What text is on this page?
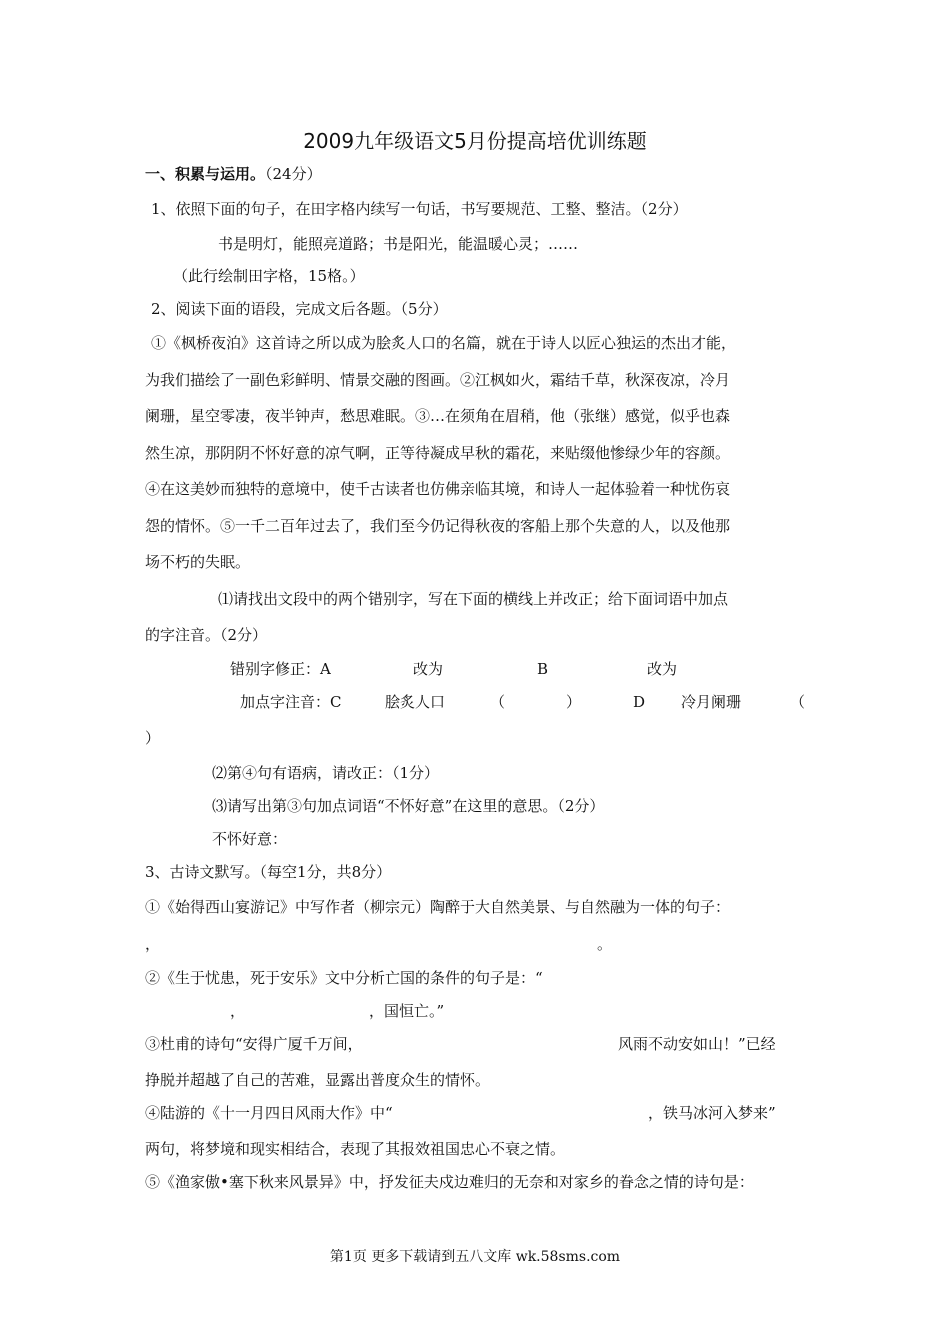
2009九年级语文5月份提高培优训练题
一、积累与运用。（24分）
1、依照下面的句子，在田字格内续写一句话，书写要规范、工整、整洁。（2分）
书是明灯，能照亮道路；书是阳光，能温暖心灵；……
（此行绘制田字格，15格。）
2、阅读下面的语段，完成文后各题。（5分）
①《枫桥夜泊》这首诗之所以成为脍炙人口的名篇，就在于诗人以匠心独运的杰出才能，
为我们描绘了一副色彩鲜明、情景交融的图画。②江枫如火，霜结千草，秋深夜凉，冷月
阑珊，星空零凄，夜半钟声，愁思难眠。③…在须角在眉稍，他（张继）感觉，似乎也森
然生凉，那阴阴不怀好意的凉气啊，正等待凝成早秋的霜花，来贴缀他惨绿少年的容颜。
④在这美妙而独特的意境中，使千古读者也仿佛亲临其境，和诗人一起体验着一种忧伤哀
怨的情怀。⑤一千二百年过去了，我们至今仍记得秋夜的客船上那个失意的人，以及他那
场不朽的失眠。
⑴请找出文段中的两个错别字，写在下面的横线上并改正；给下面词语中加点
的字注音。（2分）
错别字修正：A	改为	B	改为
加点字注音：C	脍炙人口	（	）	D 冷月阑珊	（
）
⑵第④句有语病，请改正：（1分）
⑶请写出第③句加点词语“不怀好意”在这里的意思。（2分）
不怀好意：
3、古诗文默写。（每空1分，共8分）
①《始得西山宴游记》中写作者（柳宗元）陶醉于大自然美景、与自然融为一体的句子：
，	。
②《生于忧患，死于安乐》文中分析亡国的条件的句子是：“
，	，国恒亡。”
③杜甫的诗句“安得广厦千万间，	风雨不动安如山！”已经
挣脱并超越了自己的苦难，显露出普度众生的情怀。
④陆游的《十一月四日风雨大作》中“	，铁马冰河入梦来”
两句，将梦境和现实相结合，表现了其报效祖国忠心不衰之情。
⑤《渔家傲•塞下秋来风景异》中，抒发征夫戍边难归的无奈和对家乡的眷念之情的诗句是：
第1页 更多下载请到五八文库 wk.58sms.com
